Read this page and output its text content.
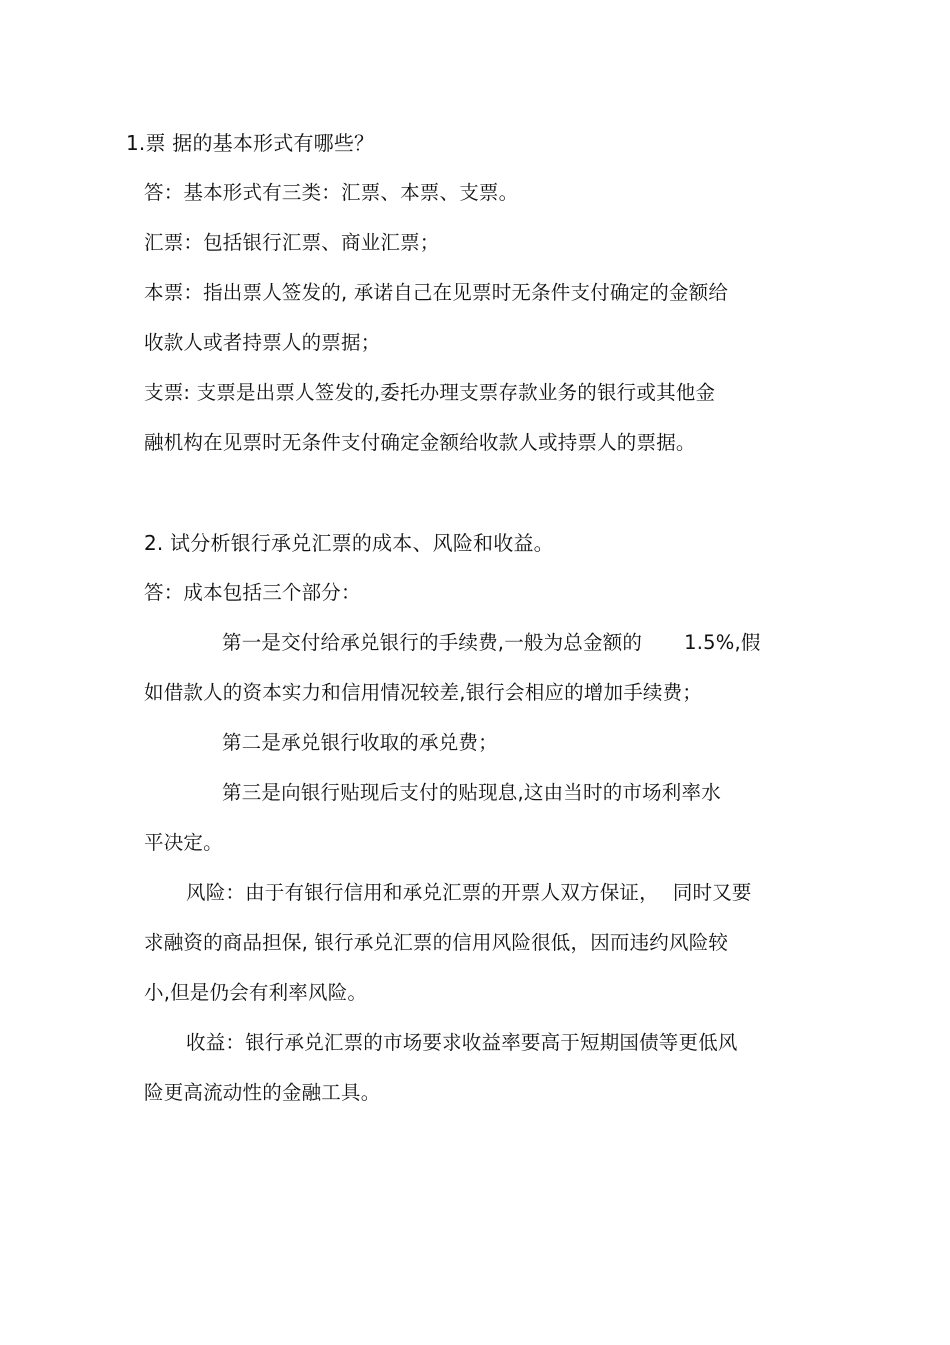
1.票 据的基本形式有哪些？
答：基本形式有三类：汇票、本票、支票。
汇票：包括银行汇票、商业汇票；
本票：指出票人签发的, 承诺自己在见票时无条件支付确定的金额给
收款人或者持票人的票据；
支票: 支票是出票人签发的,委托办理支票存款业务的银行或其他金
融机构在见票时无条件支付确定金额给收款人或持票人的票据。
2. 试分析银行承兑汇票的成本、风险和收益。
答：成本包括三个部分：
第一是交付给承兑银行的手续费,一般为总金额的 1.5%,假
如借款人的资本实力和信用情况较差,银行会相应的增加手续费；
第二是承兑银行收取的承兑费；
第三是向银行贴现后支付的贴现息,这由当时的市场利率水
平决定。
风险：由于有银行信用和承兑汇票的开票人双方保证， 同时又要
求融资的商品担保, 银行承兑汇票的信用风险很低，因而违约风险较
小,但是仍会有利率风险。
收益：银行承兑汇票的市场要求收益率要高于短期国债等更低风
险更高流动性的金融工具。
